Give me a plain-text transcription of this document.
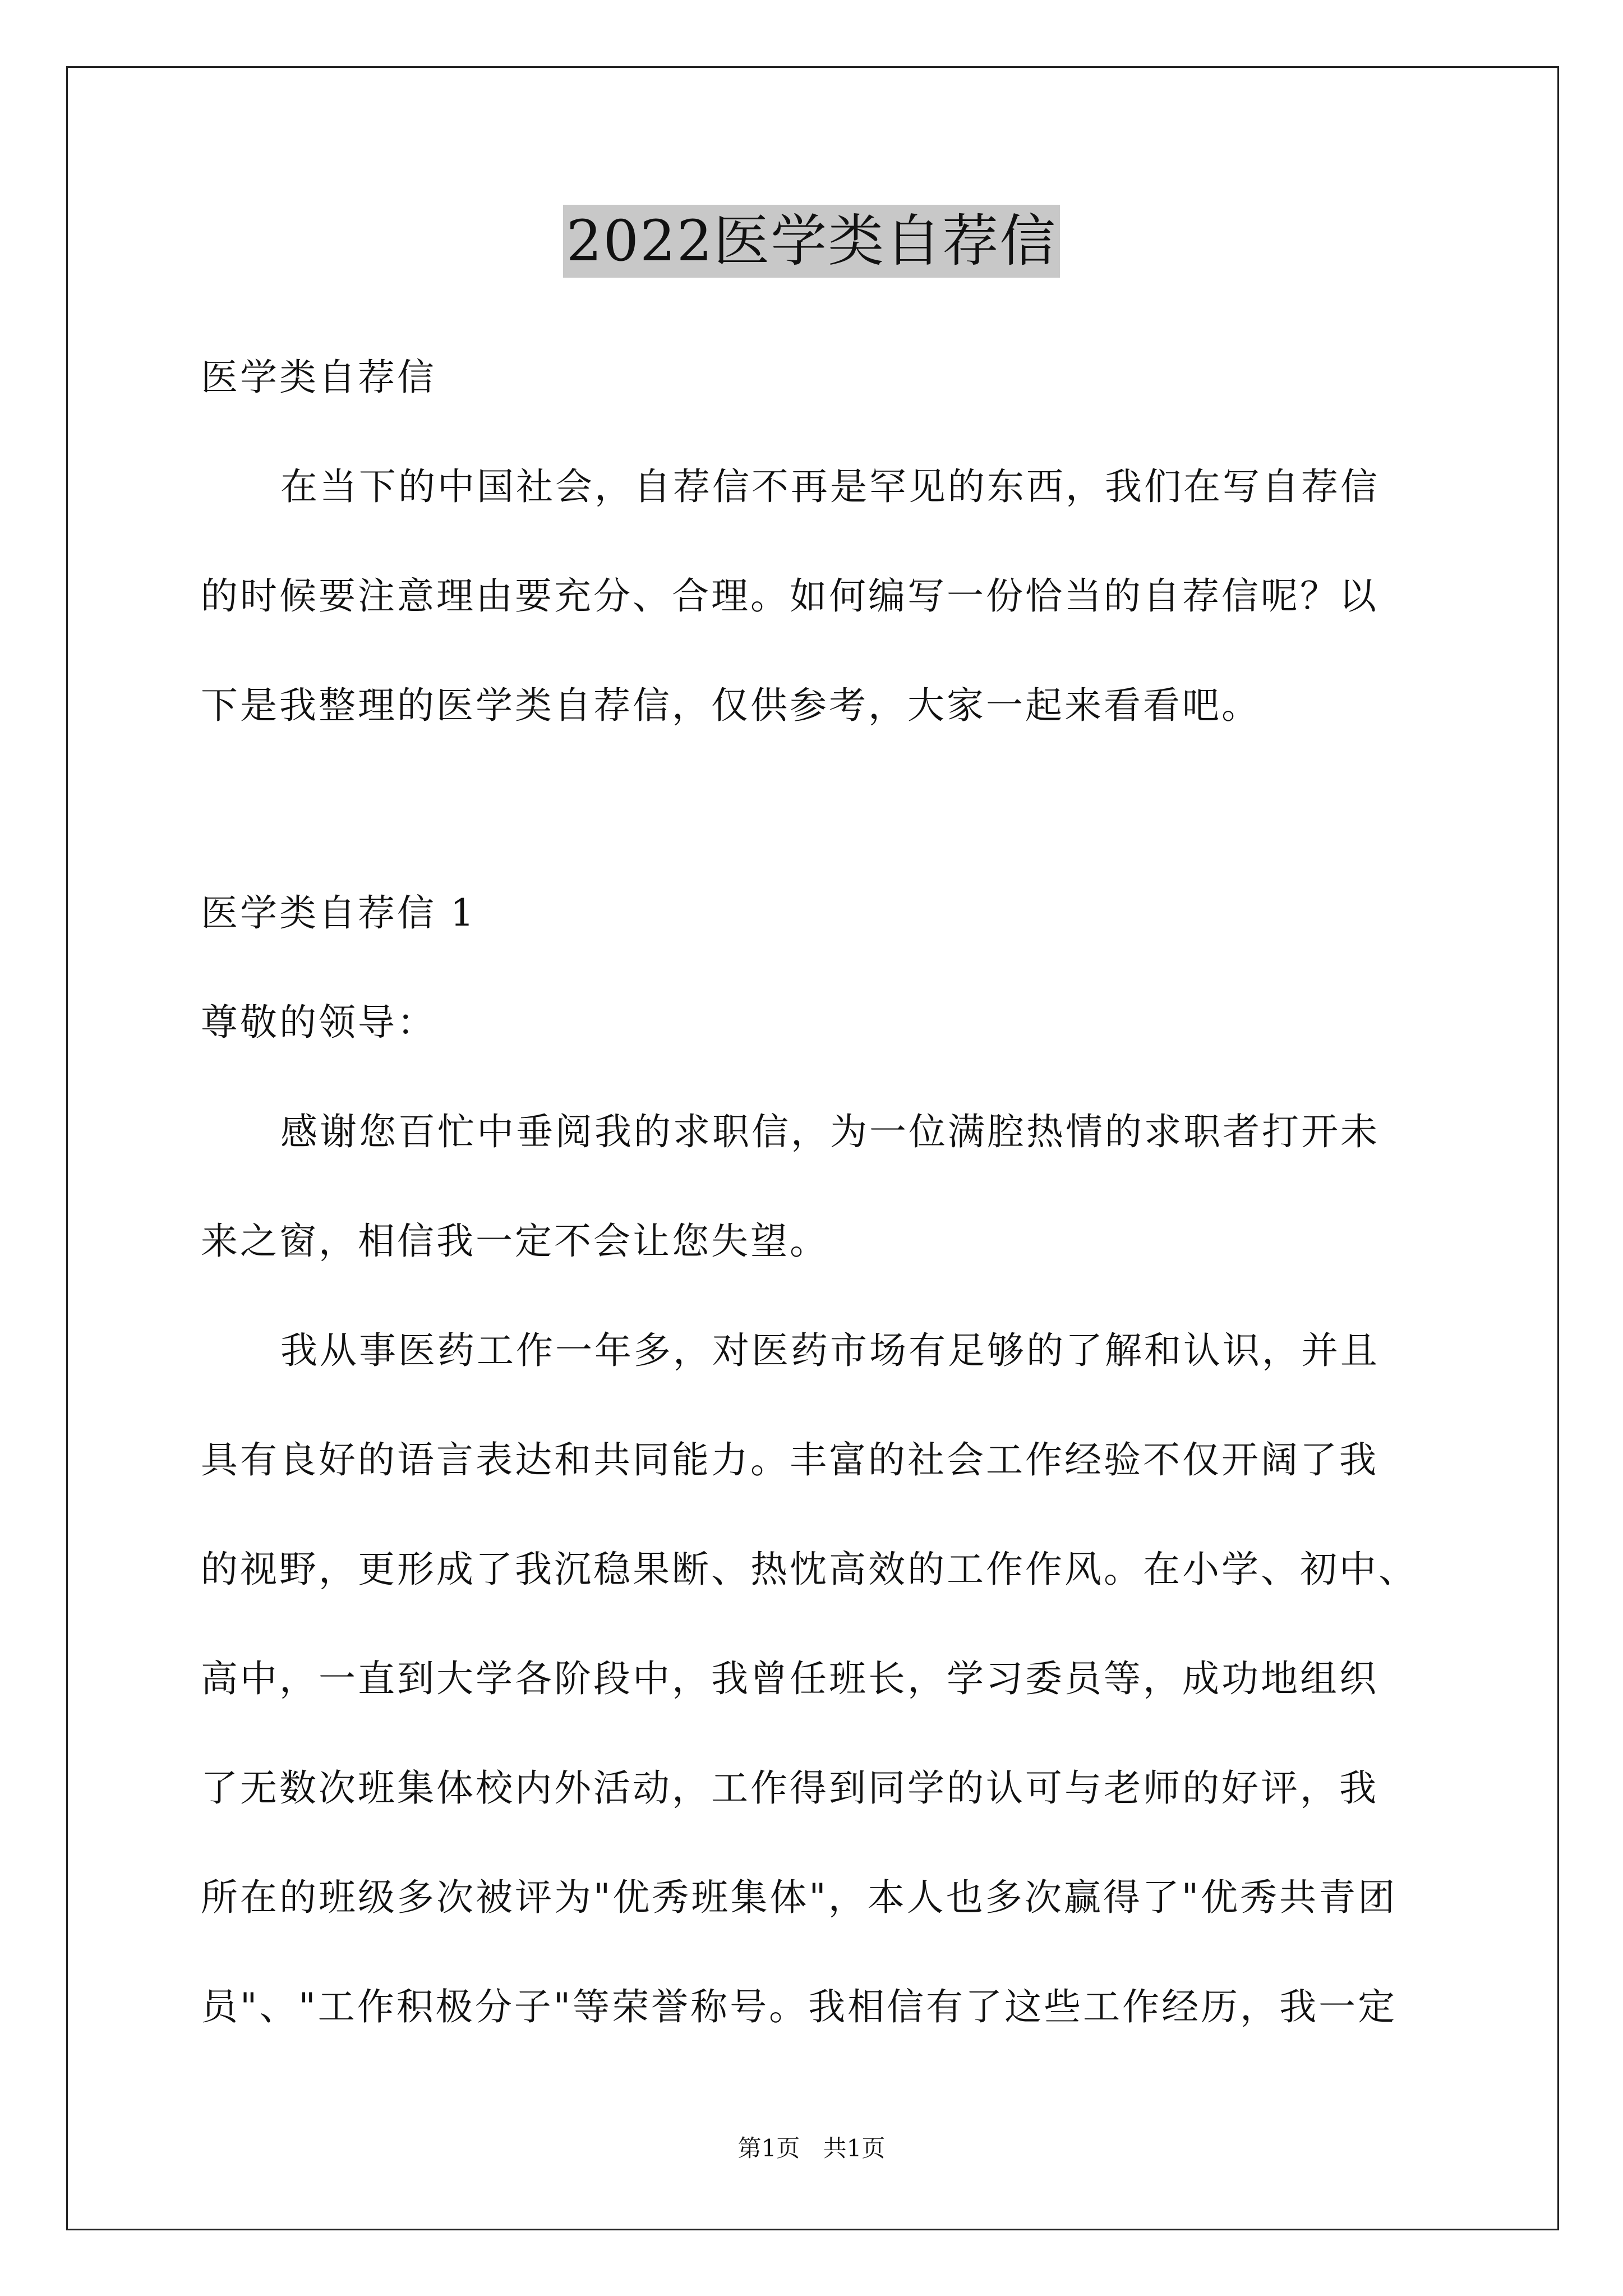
2022医学类自荐信
医学类自荐信
在当下的中国社会，自荐信不再是罕见的东西，我们在写自荐信
的时候要注意理由要充分、合理。如何编写一份恰当的自荐信呢？以
下是我整理的医学类自荐信，仅供参考，大家一起来看看吧。
医学类自荐信 1
尊敬的领导：
感谢您百忙中垂阅我的求职信，为一位满腔热情的求职者打开未
来之窗，相信我一定不会让您失望。
我从事医药工作一年多，对医药市场有足够的了解和认识，并且
具有良好的语言表达和共同能力。丰富的社会工作经验不仅开阔了我
的视野，更形成了我沉稳果断、热忱高效的工作作风。在小学、初中、
高中，一直到大学各阶段中，我曾任班长，学习委员等，成功地组织
了无数次班集体校内外活动，工作得到同学的认可与老师的好评，我
所在的班级多次被评为"优秀班集体"，本人也多次赢得了"优秀共青团
员"、"工作积极分子"等荣誉称号。我相信有了这些工作经历，我一定
第1页 共1页
